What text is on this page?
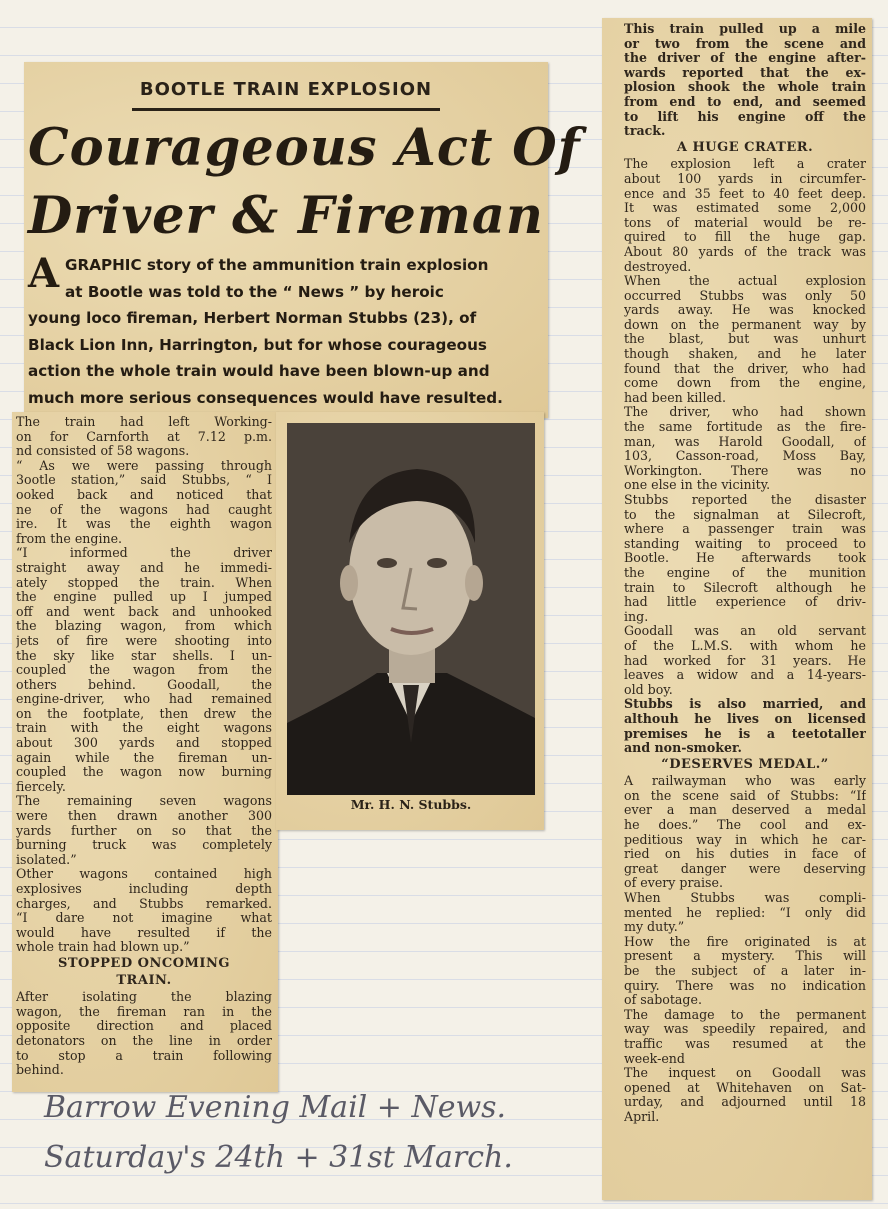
BOOTLE TRAIN EXPLOSION
Courageous Act Of
Driver & Fireman
A GRAPHIC story of the ammunition train explosion
at Bootle was told to the “ News ” by heroic
young loco fireman, Herbert Norman Stubbs (23), of
Black Lion Inn, Harrington, but for whose courageous
action the whole train would have been blown-up and
much more serious consequences would have resulted.
The train had left Working-
on for Carnforth at 7.12 p.m.
nd consisted of 58 wagons.
“ As we were passing through
3ootle station,” said Stubbs, “ I
ooked back and noticed that
ne of the wagons had caught
ire. It was the eighth wagon
from the engine.
“I informed the driver
straight away and he immedi-
ately stopped the train. When
the engine pulled up I jumped
off and went back and unhooked
the blazing wagon, from which
jets of fire were shooting into
the sky like star shells. I un-
coupled the wagon from the
others behind. Goodall, the
engine-driver, who had remained
on the footplate, then drew the
train with the eight wagons
about 300 yards and stopped
again while the fireman un-
coupled the wagon now burning
fiercely.
The remaining seven wagons
were then drawn another 300
yards further on so that the
burning truck was completely
isolated.”
Other wagons contained high
explosives including depth
charges, and Stubbs remarked.
“I dare not imagine what
would have resulted if the
whole train had blown up.”
STOPPED ONCOMING
TRAIN.
After isolating the blazing
wagon, the fireman ran in the
opposite direction and placed
detonators on the line in order
to stop a train following
behind.
Mr. H. N. Stubbs.
This train pulled up a mile
or two from the scene and
the driver of the engine after-
wards reported that the ex-
plosion shook the whole train
from end to end, and seemed
to lift his engine off the
track.
A HUGE CRATER.
The explosion left a crater
about 100 yards in circumfer-
ence and 35 feet to 40 feet deep.
It was estimated some 2,000
tons of material would be re-
quired to fill the huge gap.
About 80 yards of the track was
destroyed.
When the actual explosion
occurred Stubbs was only 50
yards away. He was knocked
down on the permanent way by
the blast, but was unhurt
though shaken, and he later
found that the driver, who had
come down from the engine,
had been killed.
The driver, who had shown
the same fortitude as the fire-
man, was Harold Goodall, of
103, Casson-road, Moss Bay,
Workington. There was no
one else in the vicinity.
Stubbs reported the disaster
to the signalman at Silecroft,
where a passenger train was
standing waiting to proceed to
Bootle. He afterwards took
the engine of the munition
train to Silecroft although he
had little experience of driv-
ing.
Goodall was an old servant
of the L.M.S. with whom he
had worked for 31 years. He
leaves a widow and a 14-years-
old boy.
Stubbs is also married, and
althouh he lives on licensed
premises he is a teetotaller
and non-smoker.
“DESERVES MEDAL.”
A railwayman who was early
on the scene said of Stubbs: “If
ever a man deserved a medal
he does.” The cool and ex-
peditious way in which he car-
ried on his duties in face of
great danger were deserving
of every praise.
When Stubbs was compli-
mented he replied: “I only did
my duty.”
How the fire originated is at
present a mystery. This will
be the subject of a later in-
quiry. There was no indication
of sabotage.
The damage to the permanent
way was speedily repaired, and
traffic was resumed at the
week-end
The inquest on Goodall was
opened at Whitehaven on Sat-
urday, and adjourned until 18
April.
Barrow Evening Mail + News.
Saturday's 24th + 31st March.
